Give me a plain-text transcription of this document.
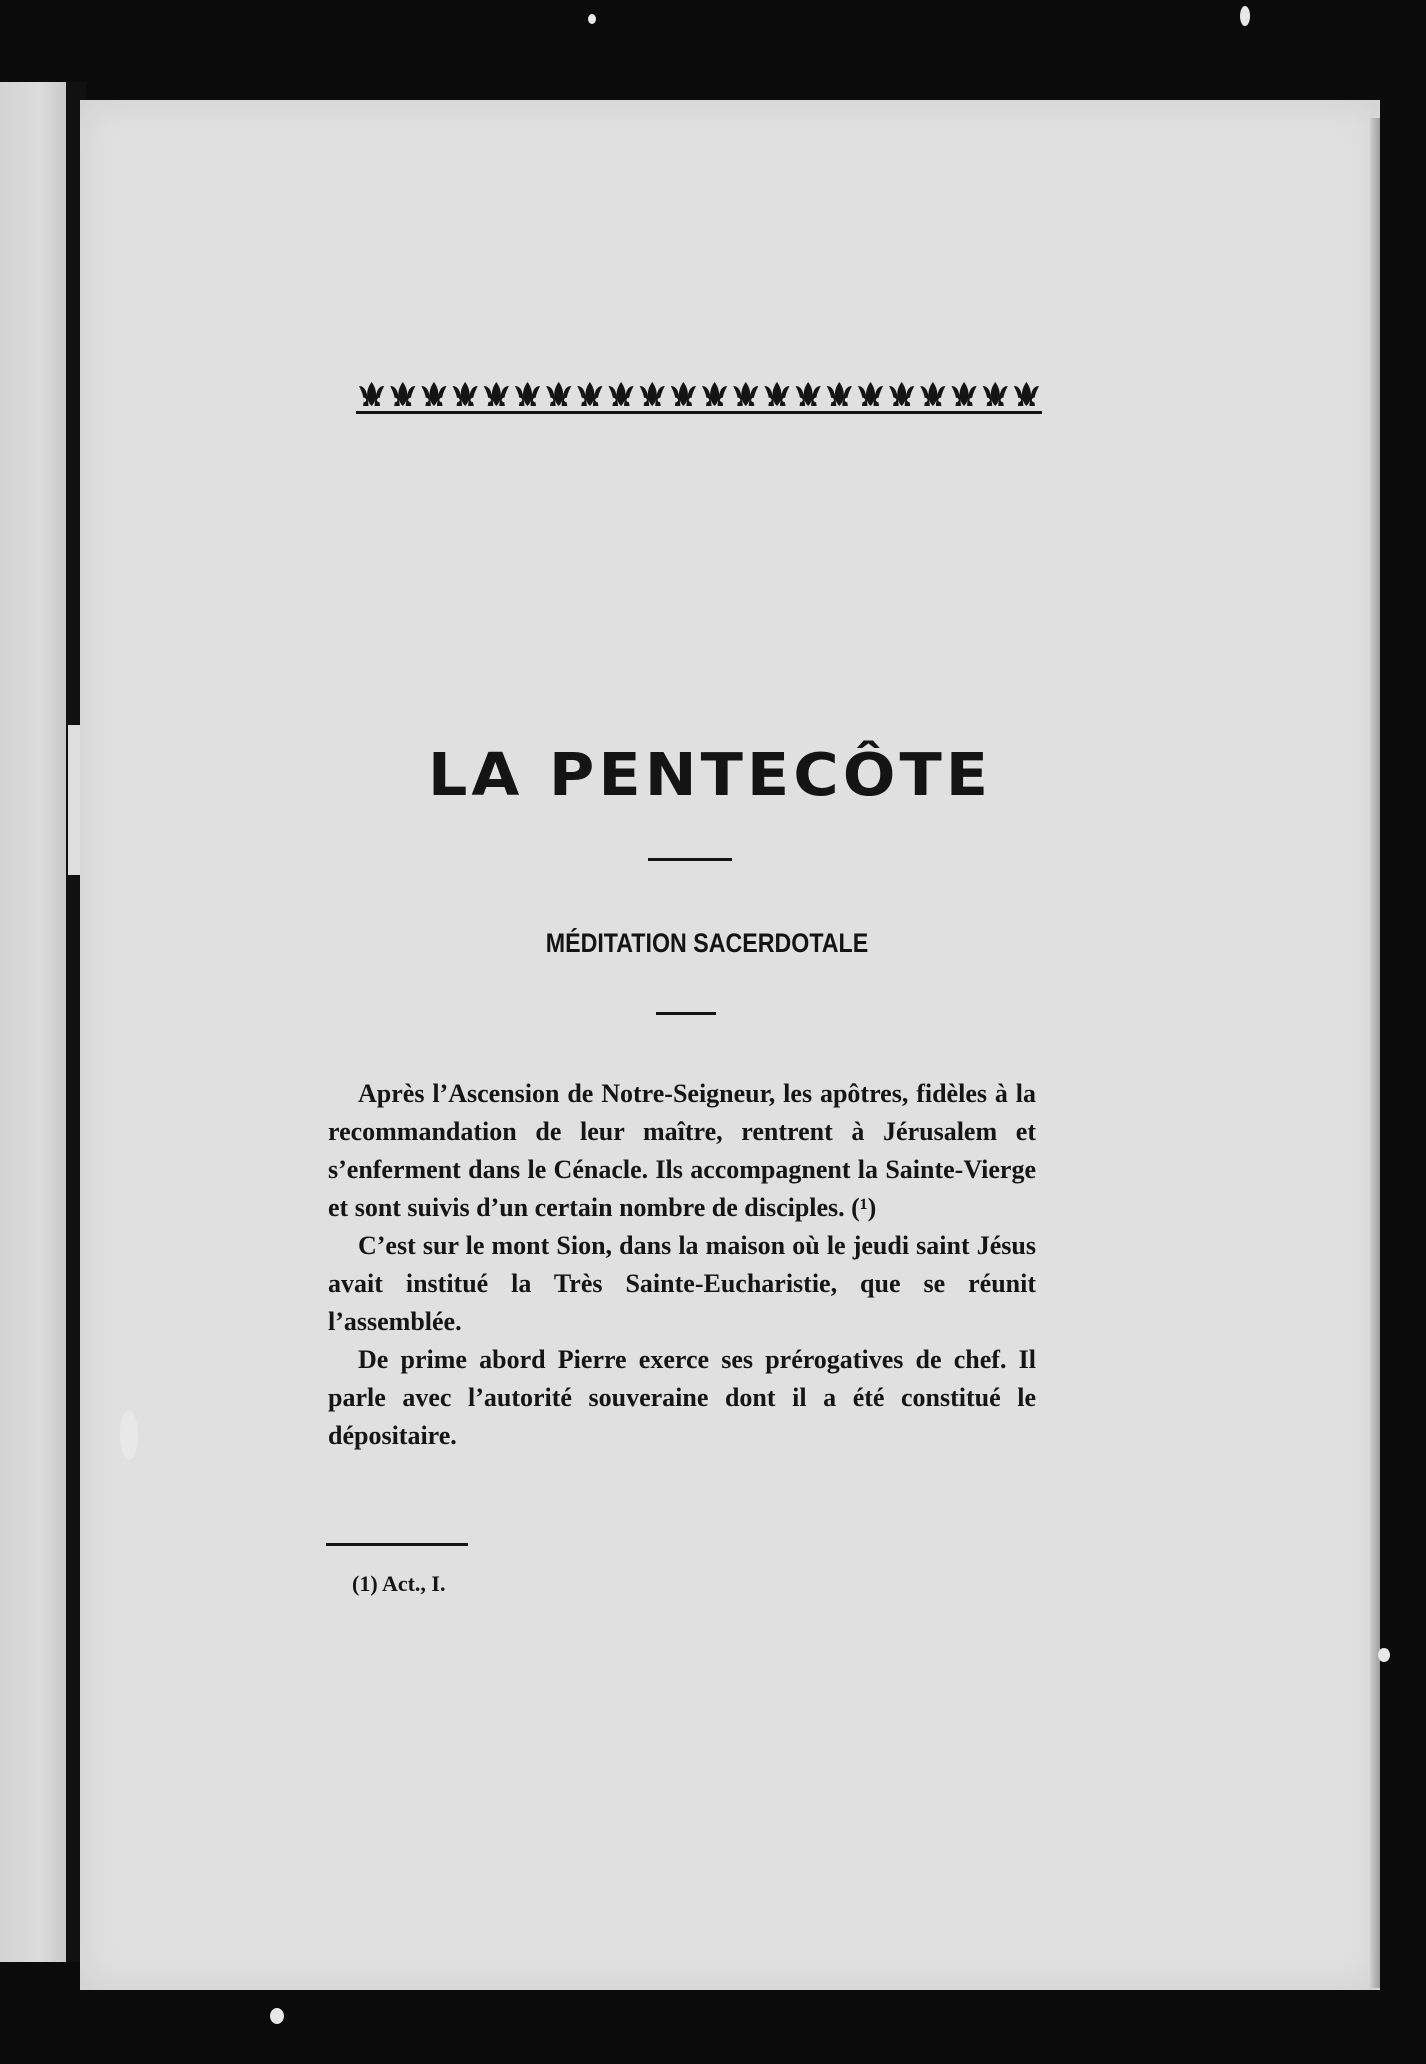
LA PENTECÔTE
MÉDITATION SACERDOTALE

Après l’Ascension de Notre-Seigneur, les apôtres, fidèles à la recommandation de leur maître, rentrent à Jérusalem et s’enferment dans le Cénacle. Ils accompagnent la Sainte-Vierge et sont suivis d’un certain nombre de disciples. (¹)

C’est sur le mont Sion, dans la maison où le jeudi saint Jésus avait institué la Très Sainte-Eucharistie, que se réunit l’assemblée.

De prime abord Pierre exerce ses prérogatives de chef. Il parle avec l’autorité souveraine dont il a été constitué le dépositaire.

(1) Act., I.
